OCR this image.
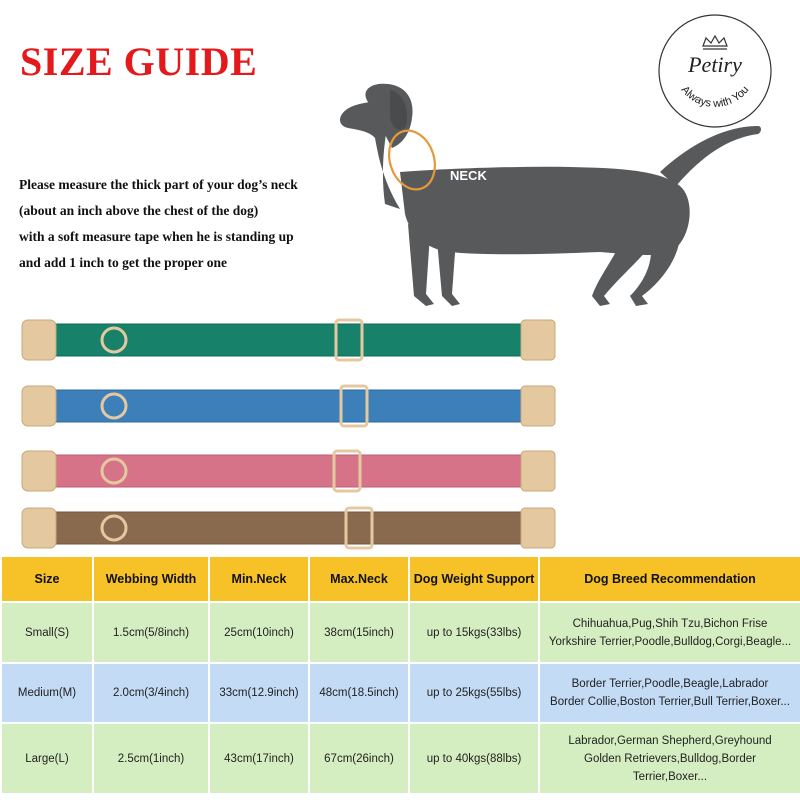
SIZE GUIDE	Petiry
Always with You
Please measure the thick part of your dog’s neck
(about an inch above the chest of the dog)
with a soft measure tape when he is standing up
and add 1 inch to get the proper one
NECK
Size	Webbing Width	Min.Neck	Max.Neck	Dog Weight Support	Dog Breed Recommendation
Small(S)	1.5cm(5/8inch)	25cm(10inch)	38cm(15inch)	up to 15kgs(33lbs)	Chihuahua,Pug,Shih Tzu,Bichon Frise
Yorkshire Terrier,Poodle,Bulldog,Corgi,Beagle...

Medium(M)	2.0cm(3/4inch)	33cm(12.9inch)	48cm(18.5inch)	up to 25kgs(55lbs)	Border Terrier,Poodle,Beagle,Labrador
Border Collie,Boston Terrier,Bull Terrier,Boxer...

Large(L)	2.5cm(1inch)	43cm(17inch)	67cm(26inch)	up to 40kgs(88lbs)	Labrador,German Shepherd,Greyhound
Golden Retrievers,Bulldog,Border
Terrier,Boxer...
